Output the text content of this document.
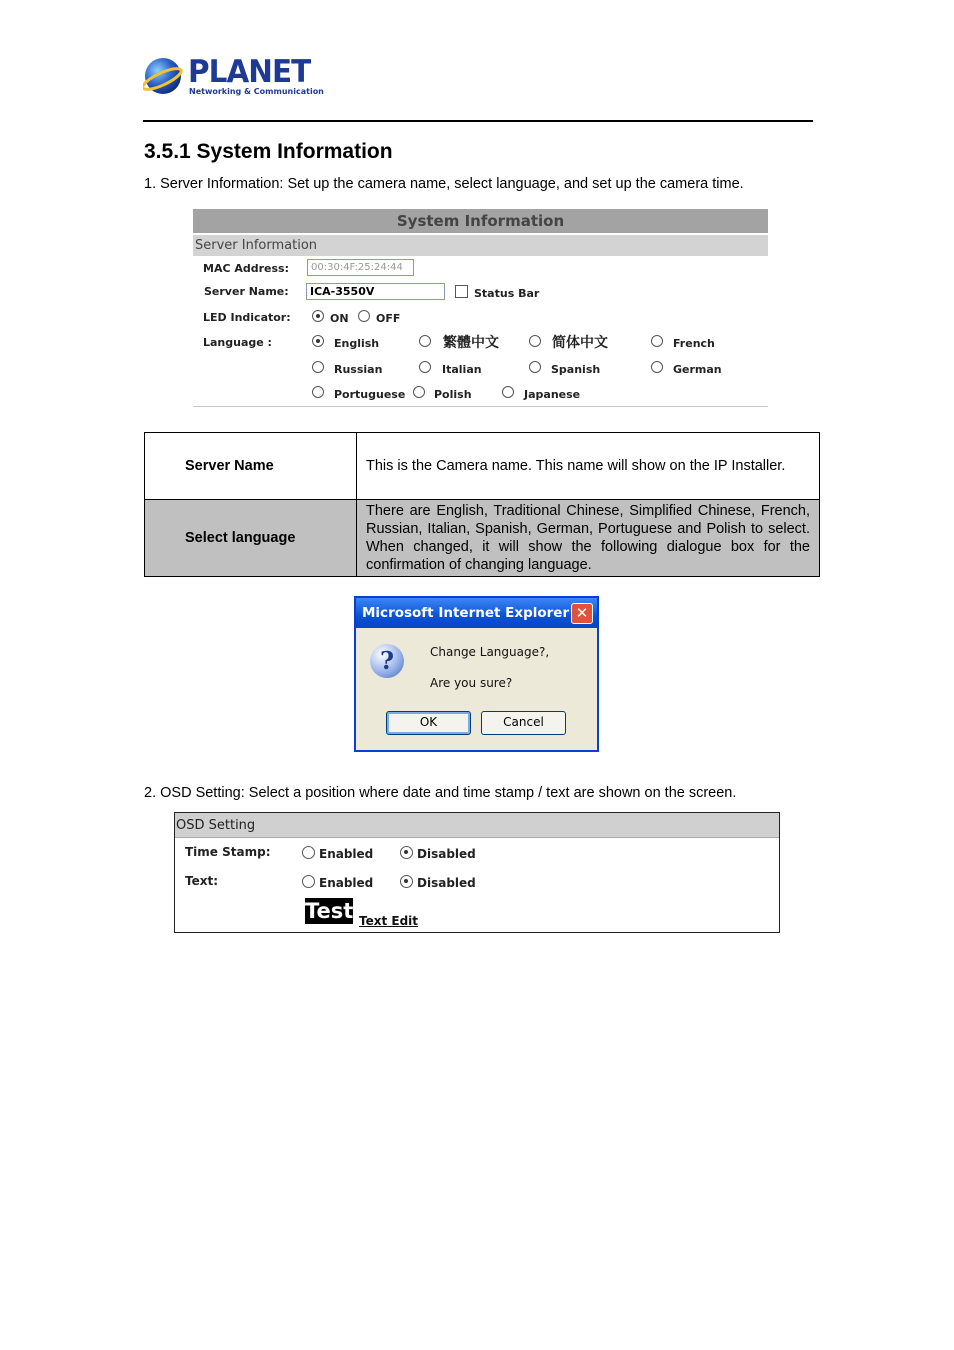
PLANET
Networking & Communication
3.5.1 System Information
1. Server Information: Set up the camera name, select language, and set up the camera time.
System Information
Server Information
MAC Address:	00:30:4F:25:24:44
Server Name:	ICA-3550V	Status Bar
LED Indicator:	ON OFF
Language :	English	繁體中文	简体中文	French
Russian	Italian	Spanish	German
Portuguese	Polish	Japanese
Server Name	This is the Camera name. This name will show on the IP Installer.
Select language	There are English, Traditional Chinese, Simplified Chinese, French, Russian, Italian, Spanish, German, Portuguese and Polish to select. When changed, it will show the following dialogue box for the confirmation of changing language.
Microsoft Internet Explorer ✕
?	Change Language?,
Are you sure?
OK	Cancel
2. OSD Setting: Select a position where date and time stamp / text are shown on the screen.
OSD Setting
Time Stamp:	Enabled	Disabled
Text:	Enabled	Disabled
Test Text Edit
